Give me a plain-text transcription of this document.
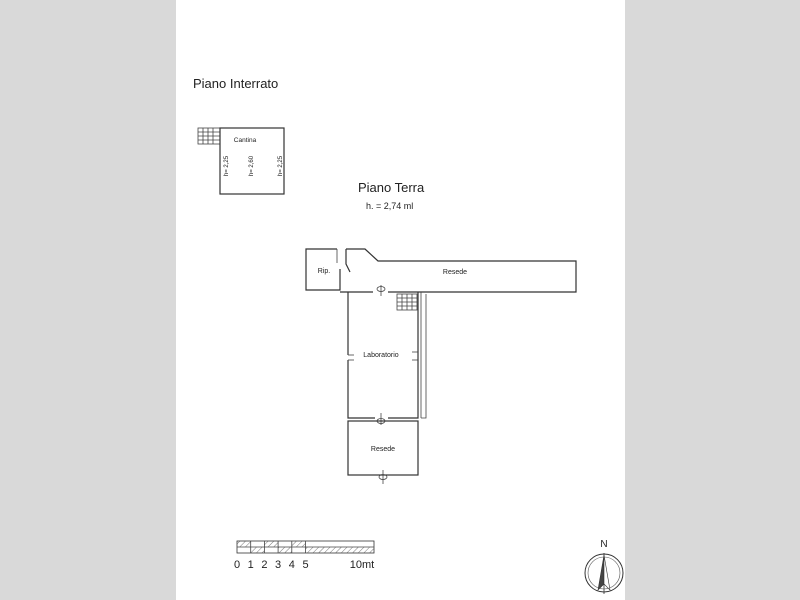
Piano Interrato
Cantina
h= 2,25	h= 2,60	h= 2,25
Piano Terra
h. = 2,74 ml
Rip.	Resede
Laboratorio
Resede
0 1 2 3 4 5	10mt
N
